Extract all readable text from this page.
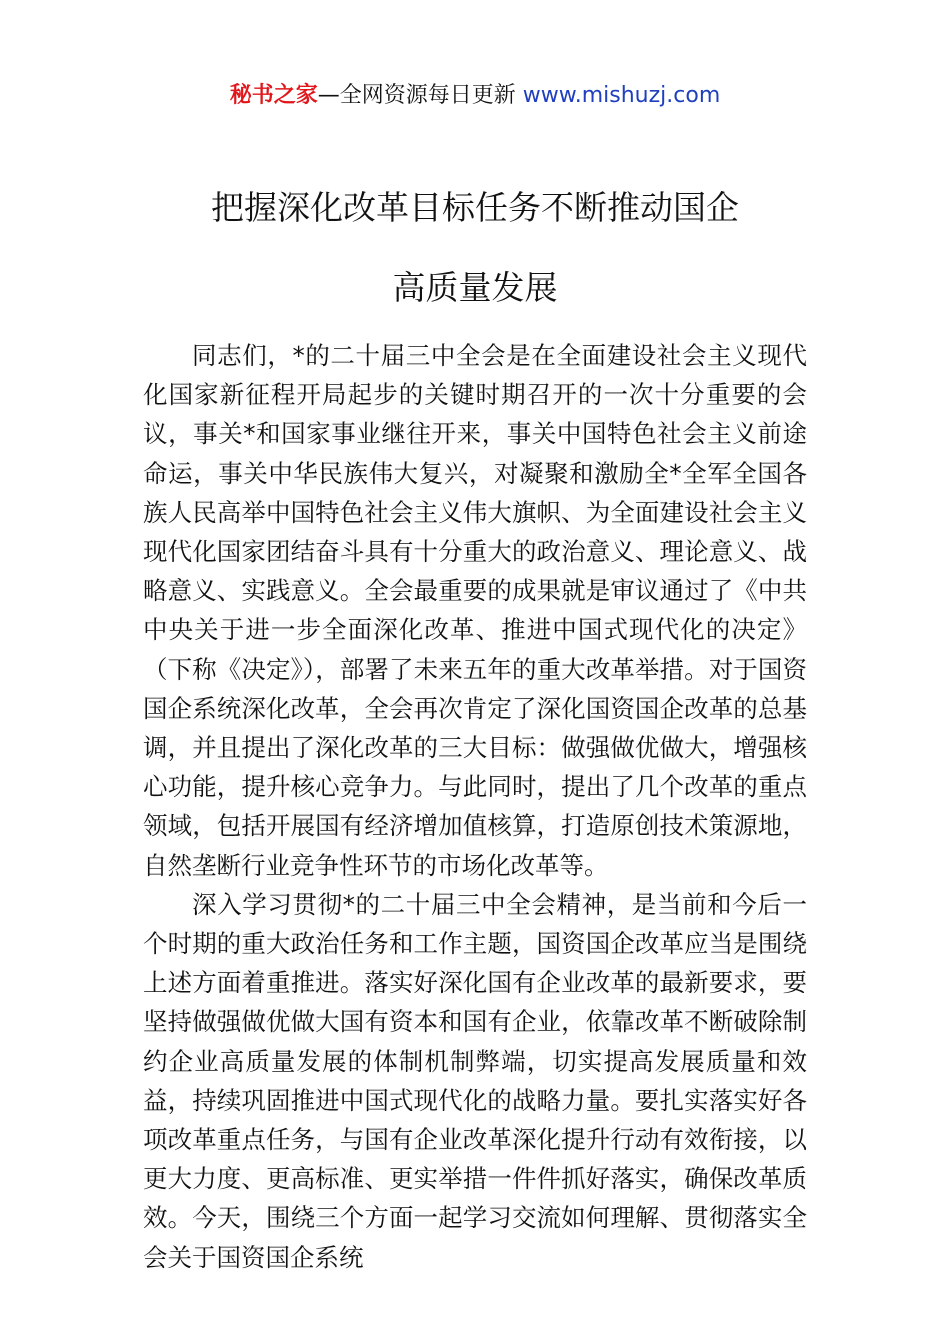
秘书之家—全网资源每日更新 www.mishuzj.com
把握深化改革目标任务不断推动国企
高质量发展

同志们，*的二十届三中全会是在全面建设社会主义现代化国家新征程开局起步的关键时期召开的一次十分重要的会议，事关*和国家事业继往开来，事关中国特色社会主义前途命运，事关中华民族伟大复兴，对凝聚和激励全*全军全国各族人民高举中国特色社会主义伟大旗帜、为全面建设社会主义现代化国家团结奋斗具有十分重大的政治意义、理论意义、战略意义、实践意义。全会最重要的成果就是审议通过了《中共中央关于进一步全面深化改革、推进中国式现代化的决定》（下称《决定》），部署了未来五年的重大改革举措。对于国资国企系统深化改革，全会再次肯定了深化国资国企改革的总基调，并且提出了深化改革的三大目标：做强做优做大，增强核心功能，提升核心竞争力。与此同时，提出了几个改革的重点领域，包括开展国有经济增加值核算，打造原创技术策源地，自然垄断行业竞争性环节的市场化改革等。

深入学习贯彻*的二十届三中全会精神，是当前和今后一个时期的重大政治任务和工作主题，国资国企改革应当是围绕上述方面着重推进。落实好深化国有企业改革的最新要求，要坚持做强做优做大国有资本和国有企业，依靠改革不断破除制约企业高质量发展的体制机制弊端，切实提高发展质量和效益，持续巩固推进中国式现代化的战略力量。要扎实落实好各项改革重点任务，与国有企业改革深化提升行动有效衔接，以更大力度、更高标准、更实举措一件件抓好落实，确保改革质效。今天，围绕三个方面一起学习交流如何理解、贯彻落实全会关于国资国企系统
